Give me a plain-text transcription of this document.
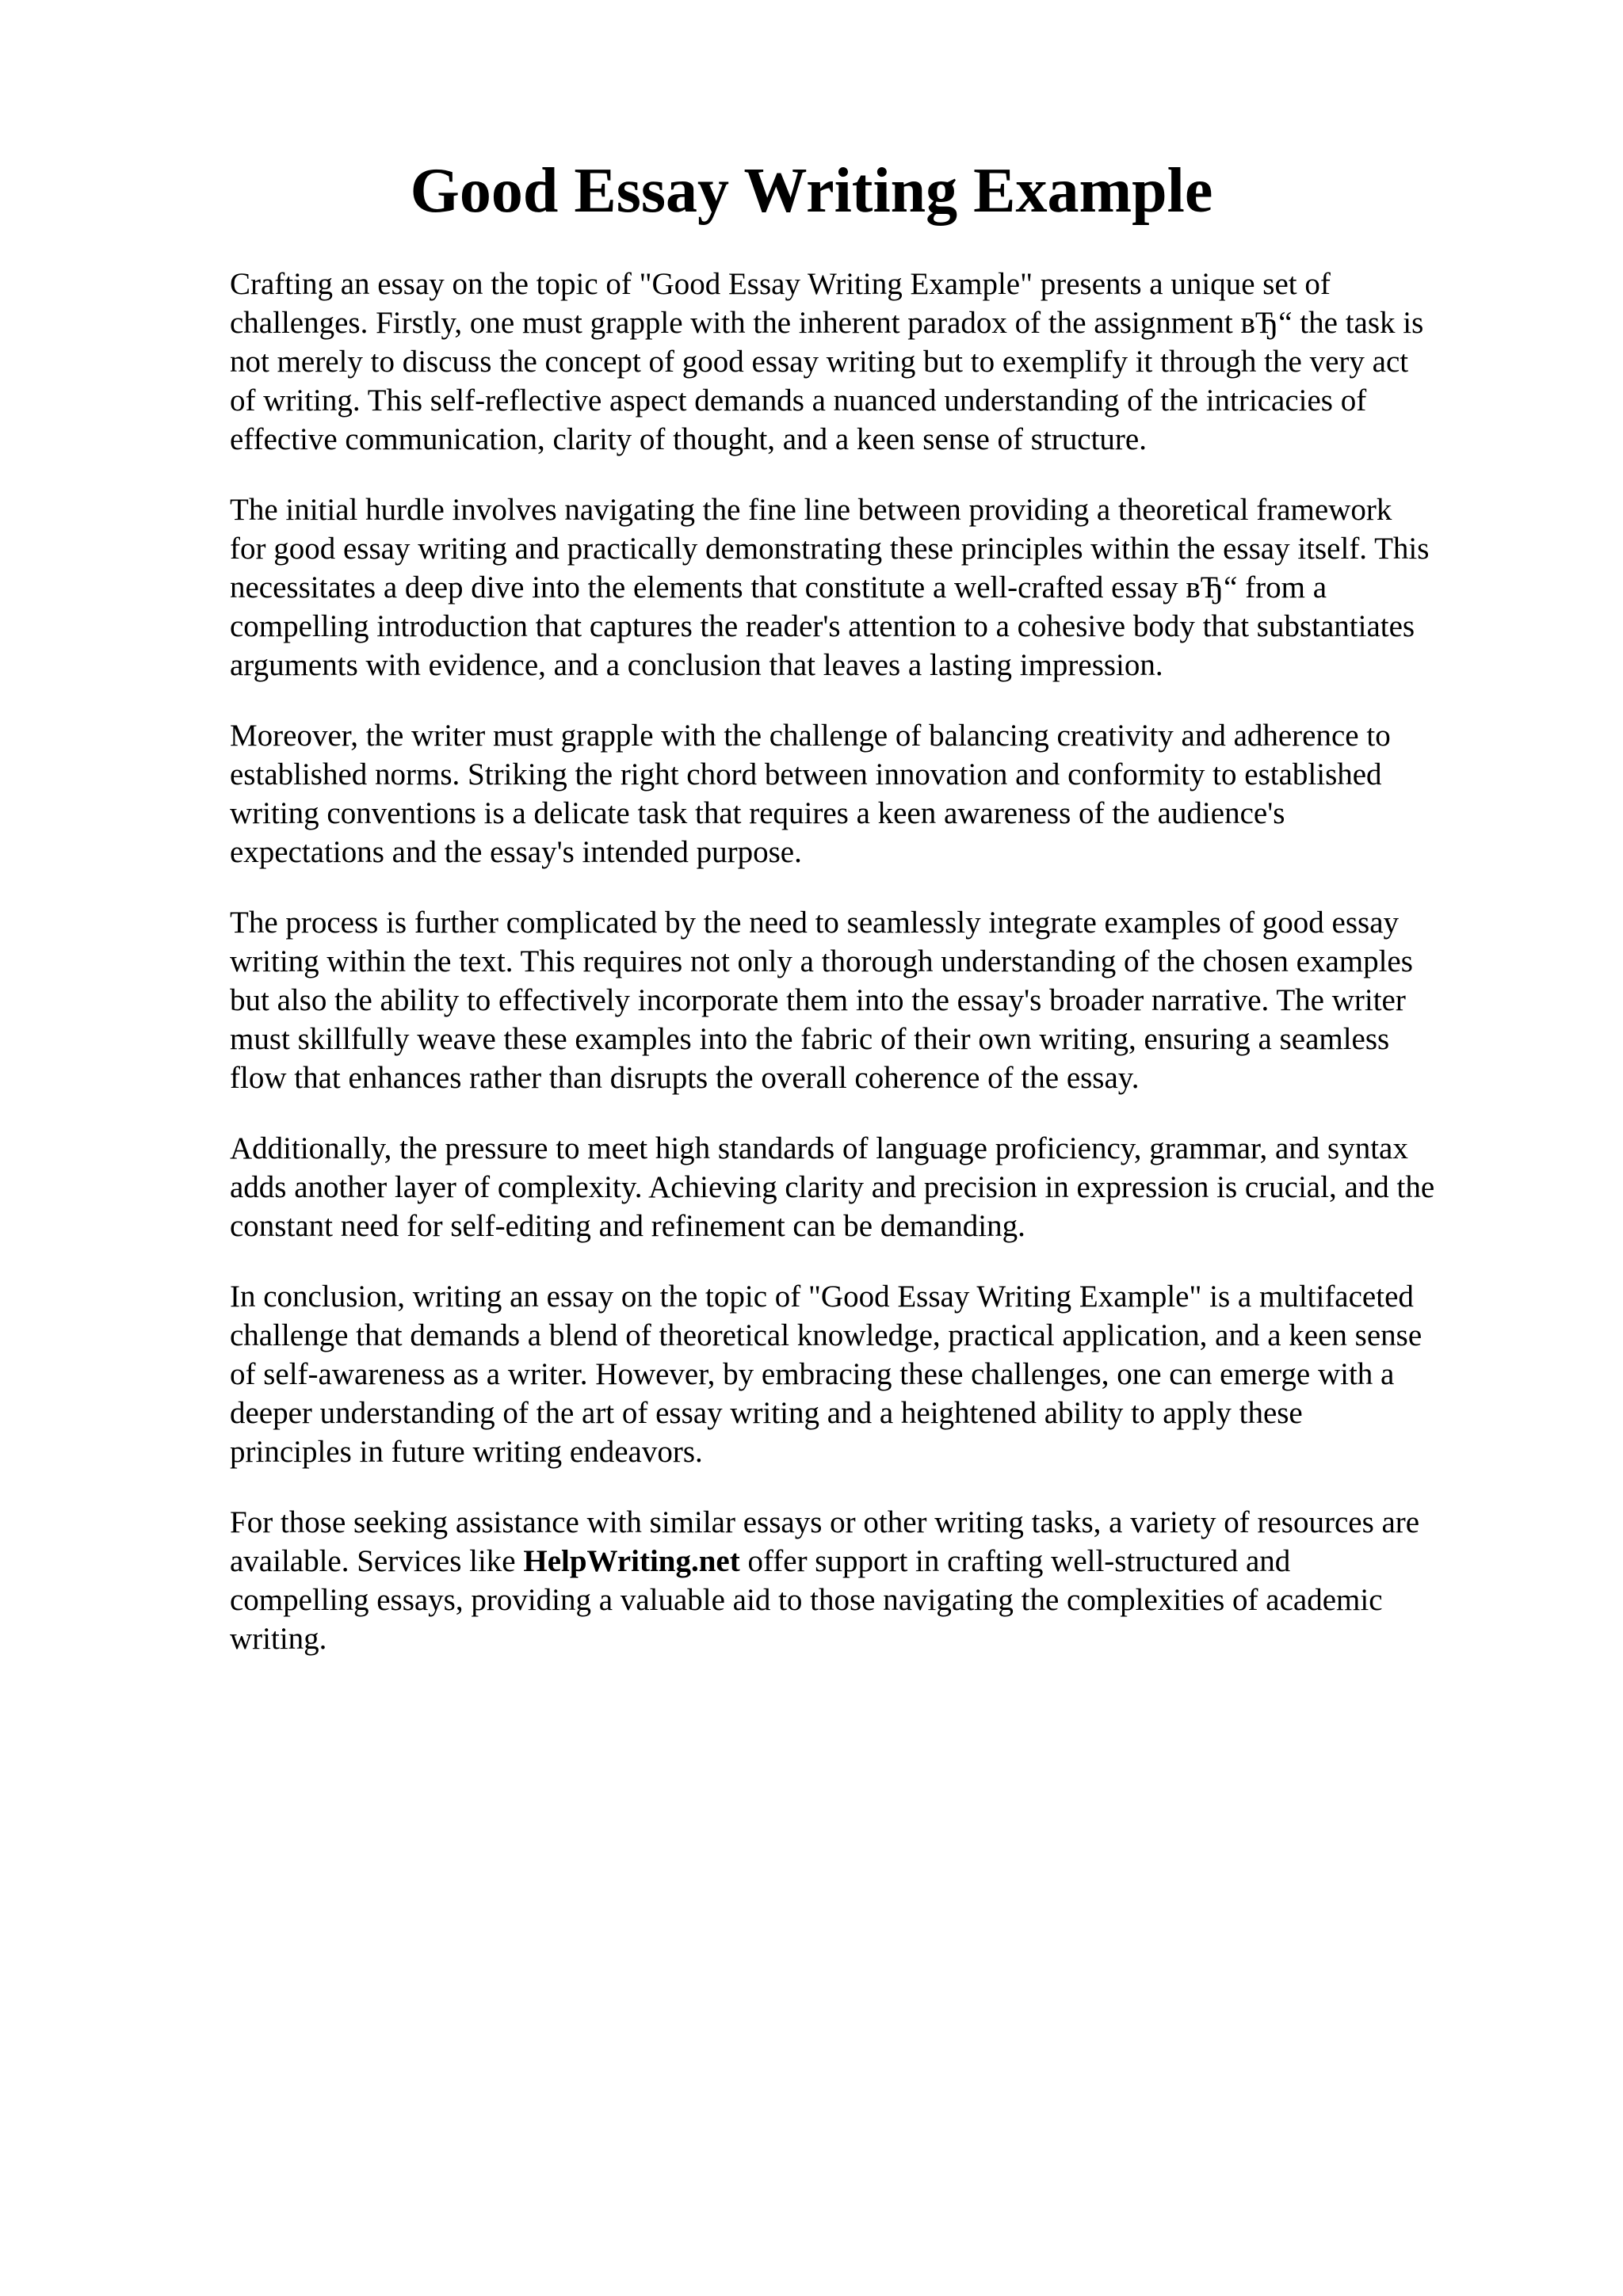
Good Essay Writing Example

Crafting an essay on the topic of "Good Essay Writing Example" presents a unique set of
challenges. Firstly, one must grapple with the inherent paradox of the assignment вЂ“ the task is
not merely to discuss the concept of good essay writing but to exemplify it through the very act
of writing. This self-reflective aspect demands a nuanced understanding of the intricacies of
effective communication, clarity of thought, and a keen sense of structure.

The initial hurdle involves navigating the fine line between providing a theoretical framework
for good essay writing and practically demonstrating these principles within the essay itself. This
necessitates a deep dive into the elements that constitute a well-crafted essay вЂ“ from a
compelling introduction that captures the reader's attention to a cohesive body that substantiates
arguments with evidence, and a conclusion that leaves a lasting impression.

Moreover, the writer must grapple with the challenge of balancing creativity and adherence to
established norms. Striking the right chord between innovation and conformity to established
writing conventions is a delicate task that requires a keen awareness of the audience's
expectations and the essay's intended purpose.

The process is further complicated by the need to seamlessly integrate examples of good essay
writing within the text. This requires not only a thorough understanding of the chosen examples
but also the ability to effectively incorporate them into the essay's broader narrative. The writer
must skillfully weave these examples into the fabric of their own writing, ensuring a seamless
flow that enhances rather than disrupts the overall coherence of the essay.

Additionally, the pressure to meet high standards of language proficiency, grammar, and syntax
adds another layer of complexity. Achieving clarity and precision in expression is crucial, and the
constant need for self-editing and refinement can be demanding.

In conclusion, writing an essay on the topic of "Good Essay Writing Example" is a multifaceted
challenge that demands a blend of theoretical knowledge, practical application, and a keen sense
of self-awareness as a writer. However, by embracing these challenges, one can emerge with a
deeper understanding of the art of essay writing and a heightened ability to apply these
principles in future writing endeavors.

For those seeking assistance with similar essays or other writing tasks, a variety of resources are
available. Services like HelpWriting.net offer support in crafting well-structured and
compelling essays, providing a valuable aid to those navigating the complexities of academic
writing.
